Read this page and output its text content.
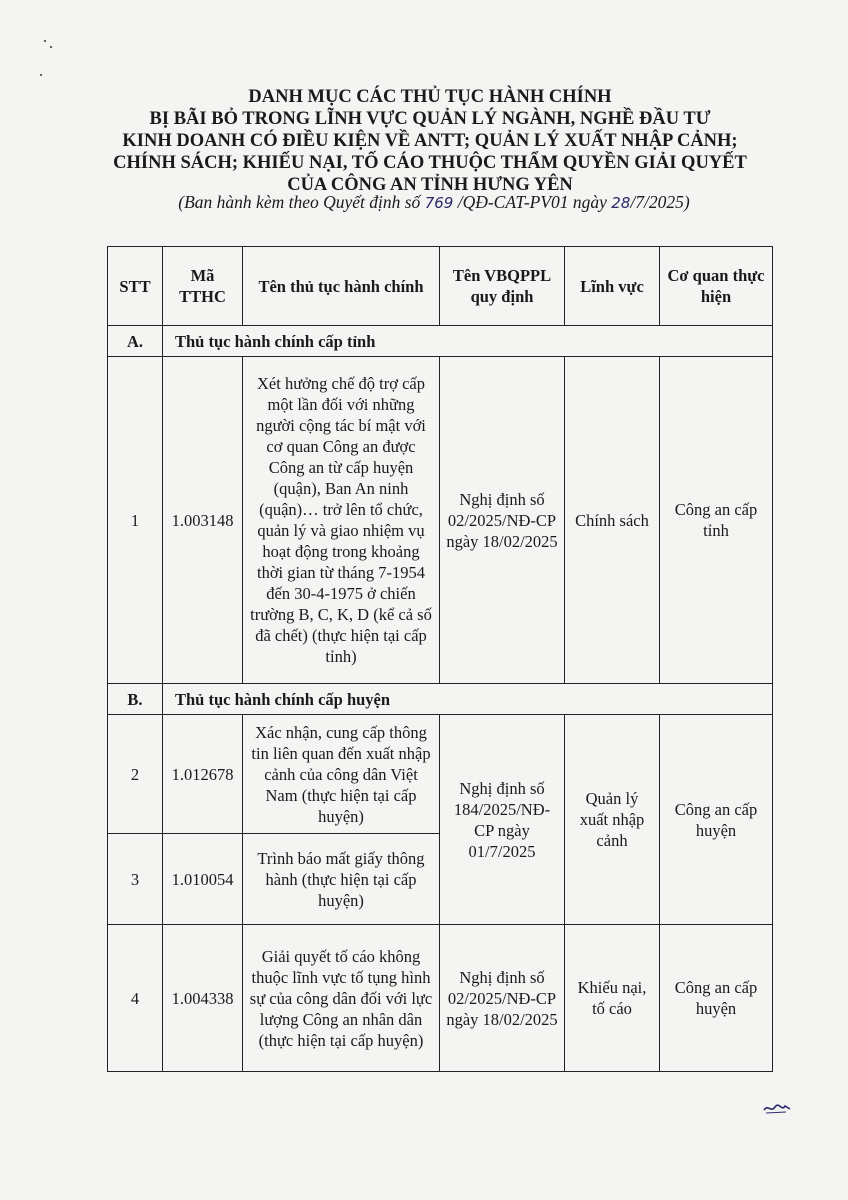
DANH MỤC CÁC THỦ TỤC HÀNH CHÍNH
BỊ BÃI BỎ TRONG LĨNH VỰC QUẢN LÝ NGÀNH, NGHỀ ĐẦU TƯ
KINH DOANH CÓ ĐIỀU KIỆN VỀ ANTT; QUẢN LÝ XUẤT NHẬP CẢNH;
CHÍNH SÁCH; KHIẾU NẠI, TỐ CÁO THUỘC THẨM QUYỀN GIẢI QUYẾT
CỦA CÔNG AN TỈNH HƯNG YÊN
(Ban hành kèm theo Quyết định số 769 /QĐ-CAT-PV01 ngày 28/7/2025)
STT	Mã TTHC	Tên thủ tục hành chính	Tên VBQPPL quy định	Lĩnh vực	Cơ quan thực hiện
A.	Thủ tục hành chính cấp tỉnh				
1	1.003148	Xét hưởng chế độ trợ cấp một lần đối với những người cộng tác bí mật với cơ quan Công an được Công an từ cấp huyện (quận), Ban An ninh (quận)… trở lên tổ chức, quản lý và giao nhiệm vụ hoạt động trong khoảng thời gian từ tháng 7-1954 đến 30-4-1975 ở chiến trường B, C, K, D (kể cả số đã chết) (thực hiện tại cấp tỉnh)	Nghị định số 02/2025/NĐ-CP ngày 18/02/2025	Chính sách	Công an cấp tỉnh
B.	Thủ tục hành chính cấp huyện				
2	1.012678	Xác nhận, cung cấp thông tin liên quan đến xuất nhập cảnh của công dân Việt Nam (thực hiện tại cấp huyện)	Nghị định số 184/2025/NĐ-CP ngày 01/7/2025	Quản lý xuất nhập cảnh	Công an cấp huyện
3	1.010054	Trình báo mất giấy thông hành (thực hiện tại cấp huyện)			
4	1.004338	Giải quyết tố cáo không thuộc lĩnh vực tố tụng hình sự của công dân đối với lực lượng Công an nhân dân (thực hiện tại cấp huyện)	Nghị định số 02/2025/NĐ-CP ngày 18/02/2025	Khiếu nại, tố cáo	Công an cấp huyện
